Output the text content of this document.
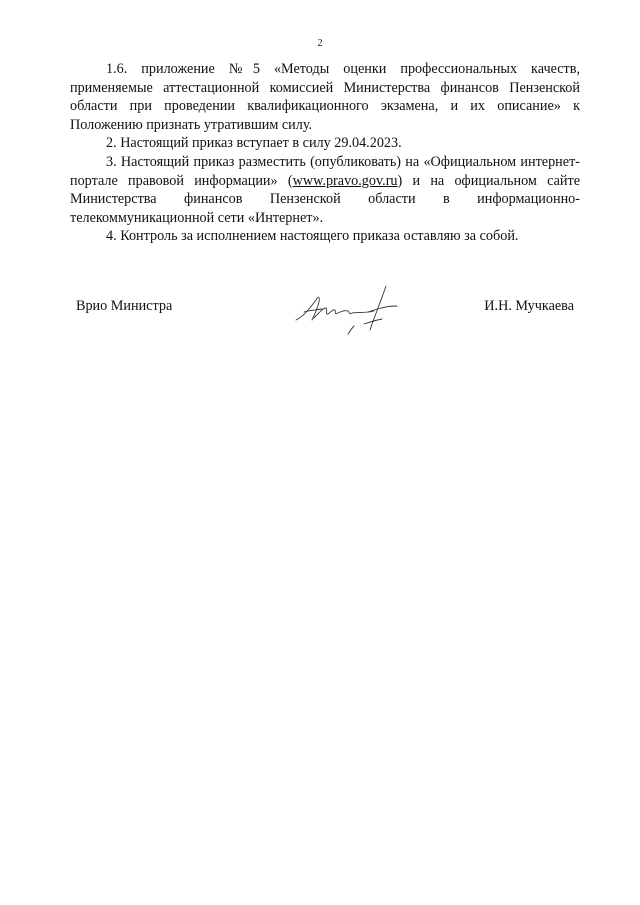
2

1.6. приложение №5 «Методы оценки профессиональных качеств, применяемые аттестационной комиссией Министерства финансов Пензенской области при проведении квалификационного экзамена, и их описание» к Положению признать утратившим силу.

2. Настоящий приказ вступает в силу 29.04.2023.

3. Настоящий приказ разместить (опубликовать) на «Официальном интернет-портале правовой информации» (www.pravo.gov.ru) и на официальном сайте Министерства финансов Пензенской области в информационно-телекоммуникационной сети «Интернет».

4. Контроль за исполнением настоящего приказа оставляю за собой.

Врио Министра	И.Н. Мучкаева
